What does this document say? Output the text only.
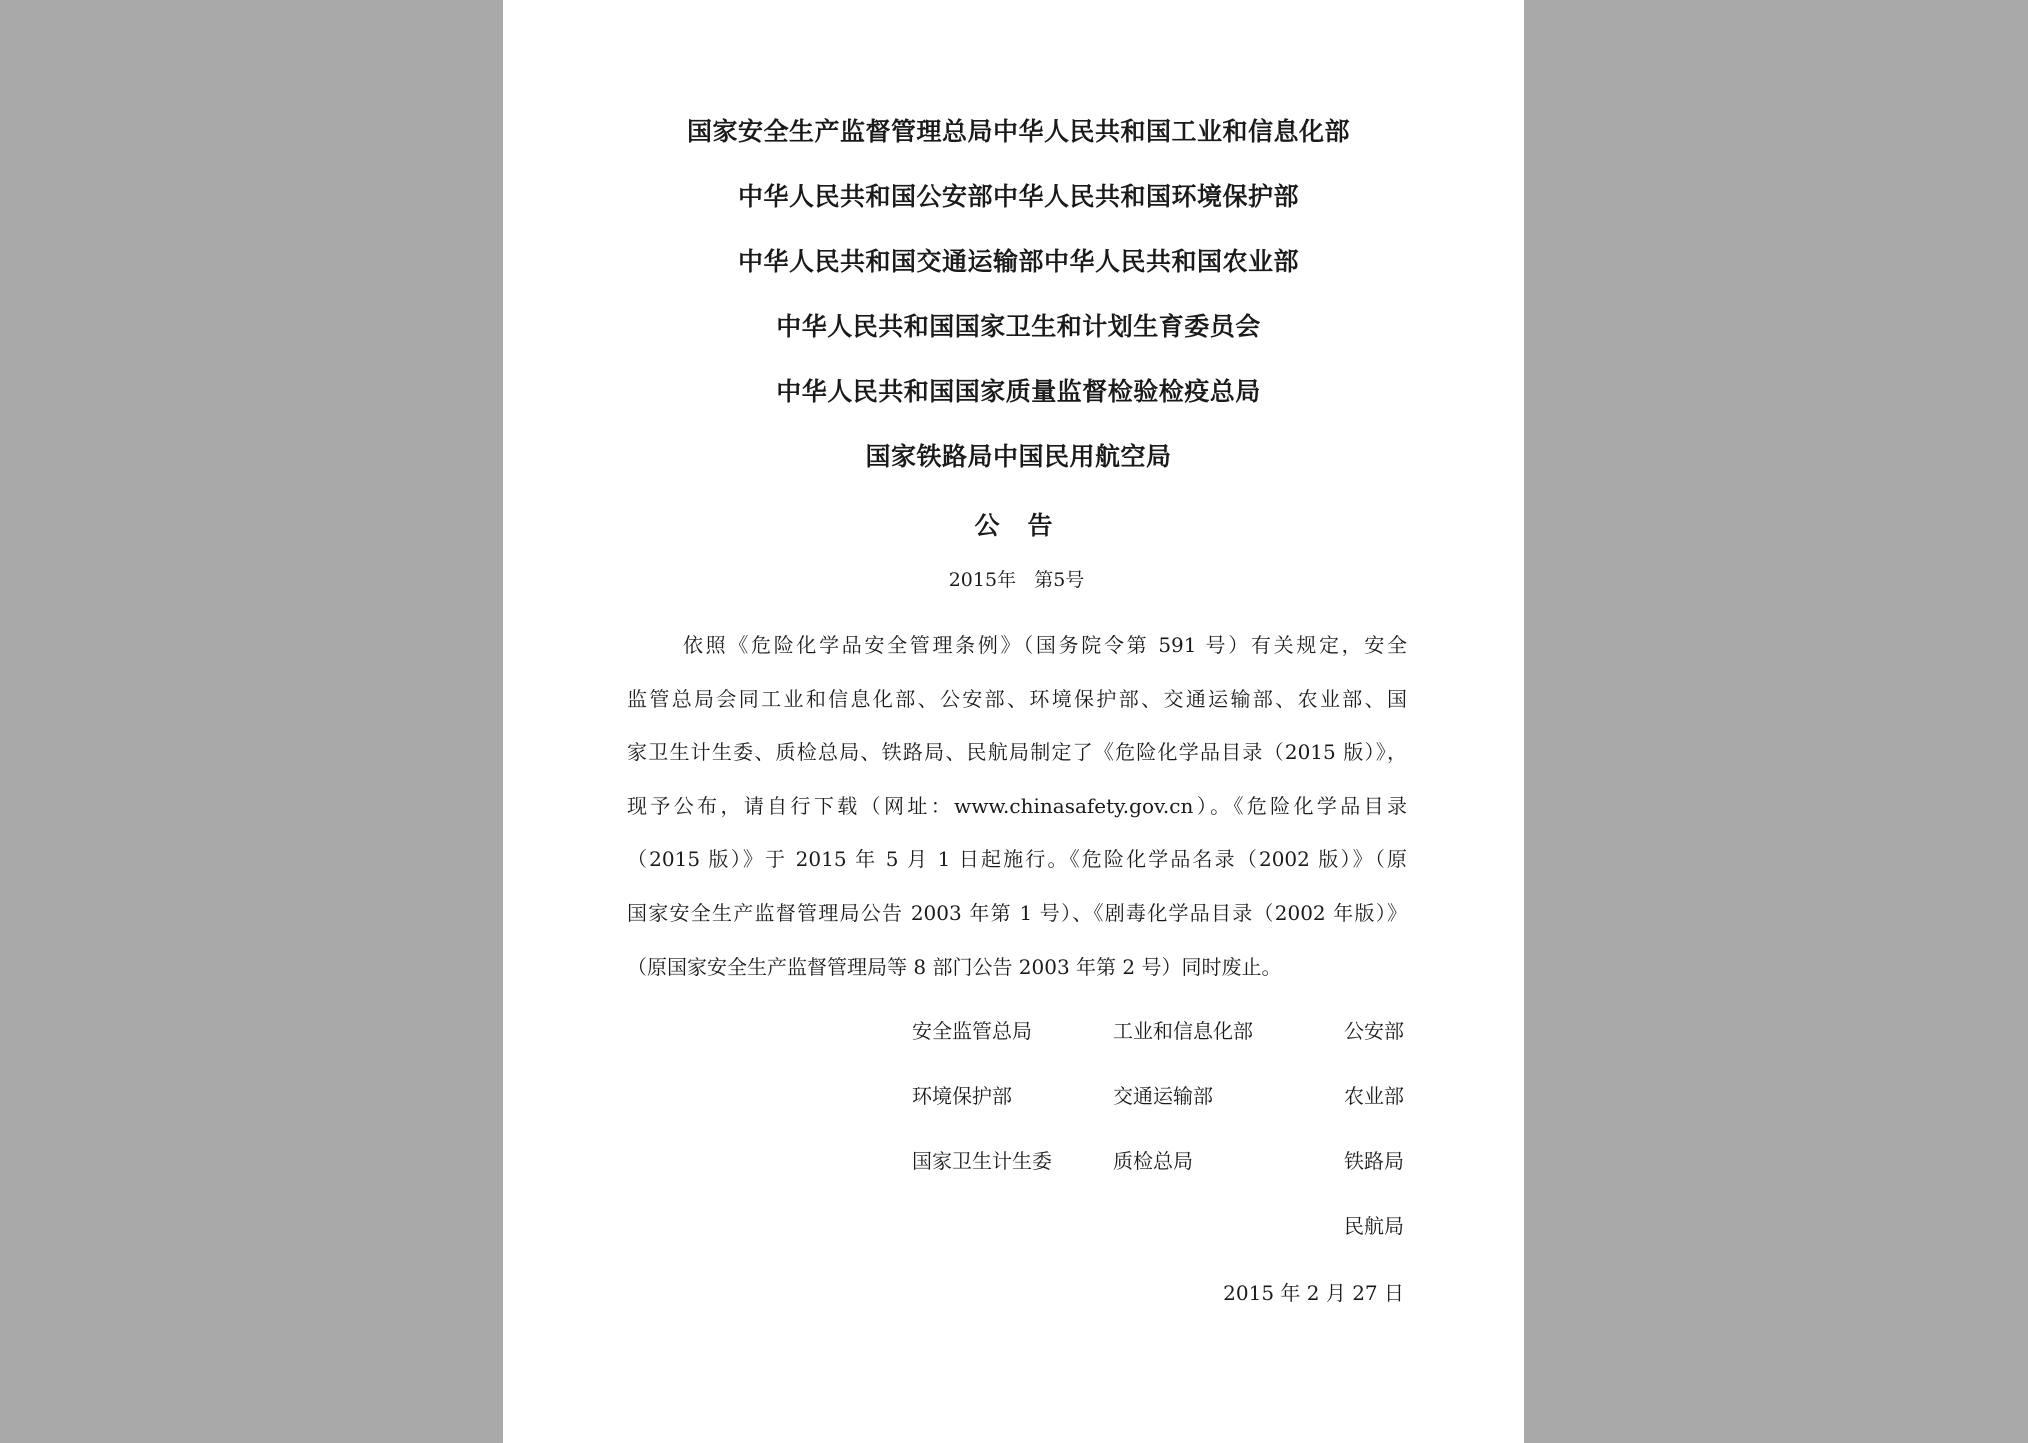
国家安全生产监督管理总局中华人民共和国工业和信息化部
中华人民共和国公安部中华人民共和国环境保护部
中华人民共和国交通运输部中华人民共和国农业部
中华人民共和国国家卫生和计划生育委员会
中华人民共和国国家质量监督检验检疫总局
国家铁路局中国民用航空局
公告
2015年   第5号
依照《危险化学品安全管理条例》（国务院令第 591 号）有关规定，安全
监管总局会同工业和信息化部、公安部、环境保护部、交通运输部、农业部、国
家卫生计生委、质检总局、铁路局、民航局制定了《危险化学品目录（2015 版）》，
现予公布，请自行下载（网址：www.chinasafety.gov.cn）。《危险化学品目录
（2015 版）》于 2015 年 5 月 1 日起施行。《危险化学品名录（2002 版）》（原
国家安全生产监督管理局公告 2003 年第 1 号）、《剧毒化学品目录（2002 年版）》
（原国家安全生产监督管理局等 8 部门公告 2003 年第 2 号）同时废止。
安全监管总局
环境保护部
国家卫生计生委
工业和信息化部
交通运输部
质检总局
公安部
农业部
铁路局
民航局
2015 年 2 月 27 日
